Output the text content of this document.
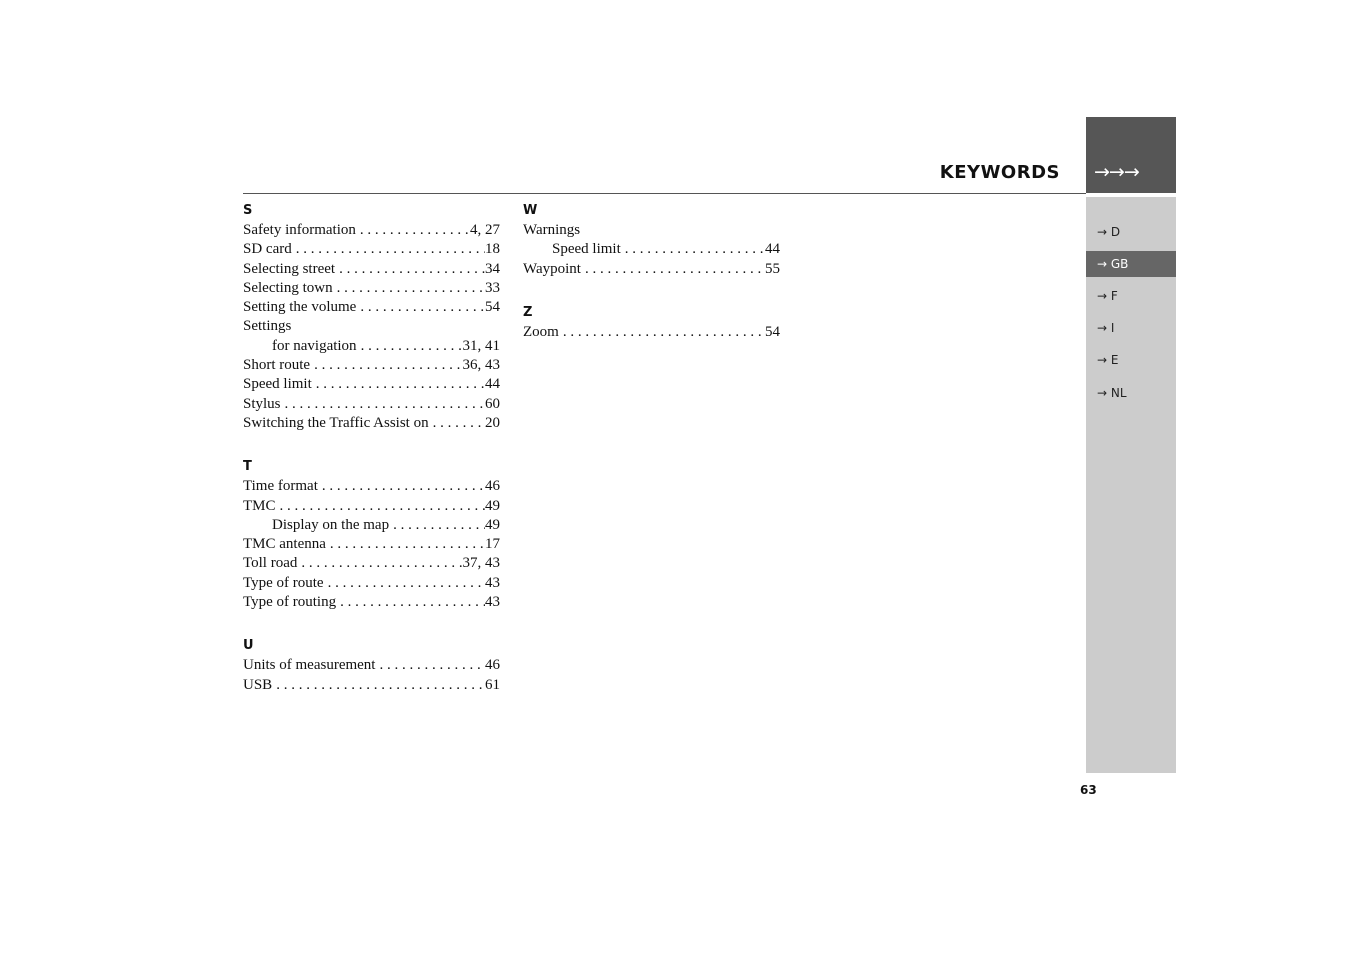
→→→
KEYWORDS
→ D
→ GB
→ F
→ I
→ E
→ NL
S
Safety information . . .	4, 27
SD card . . .	18
Selecting street . . .	34
Selecting town . . .	33
Setting the volume . . .	54
Settings
for navigation . . .	31, 41
Short route . . .	36, 43
Speed limit . . .	44
Stylus . . .	60
Switching the Traffic Assist on . . .	20
T
Time format . . .	46
TMC . . .	49
Display on the map . . .	49
TMC antenna . . .	17
Toll road . . .	37, 43
Type of route . . .	43
Type of routing . . .	43
U
Units of measurement . . .	46
USB . . .	61
W
Warnings
Speed limit . . .	44
Waypoint . . .	55
Z
Zoom . . .	54
63
